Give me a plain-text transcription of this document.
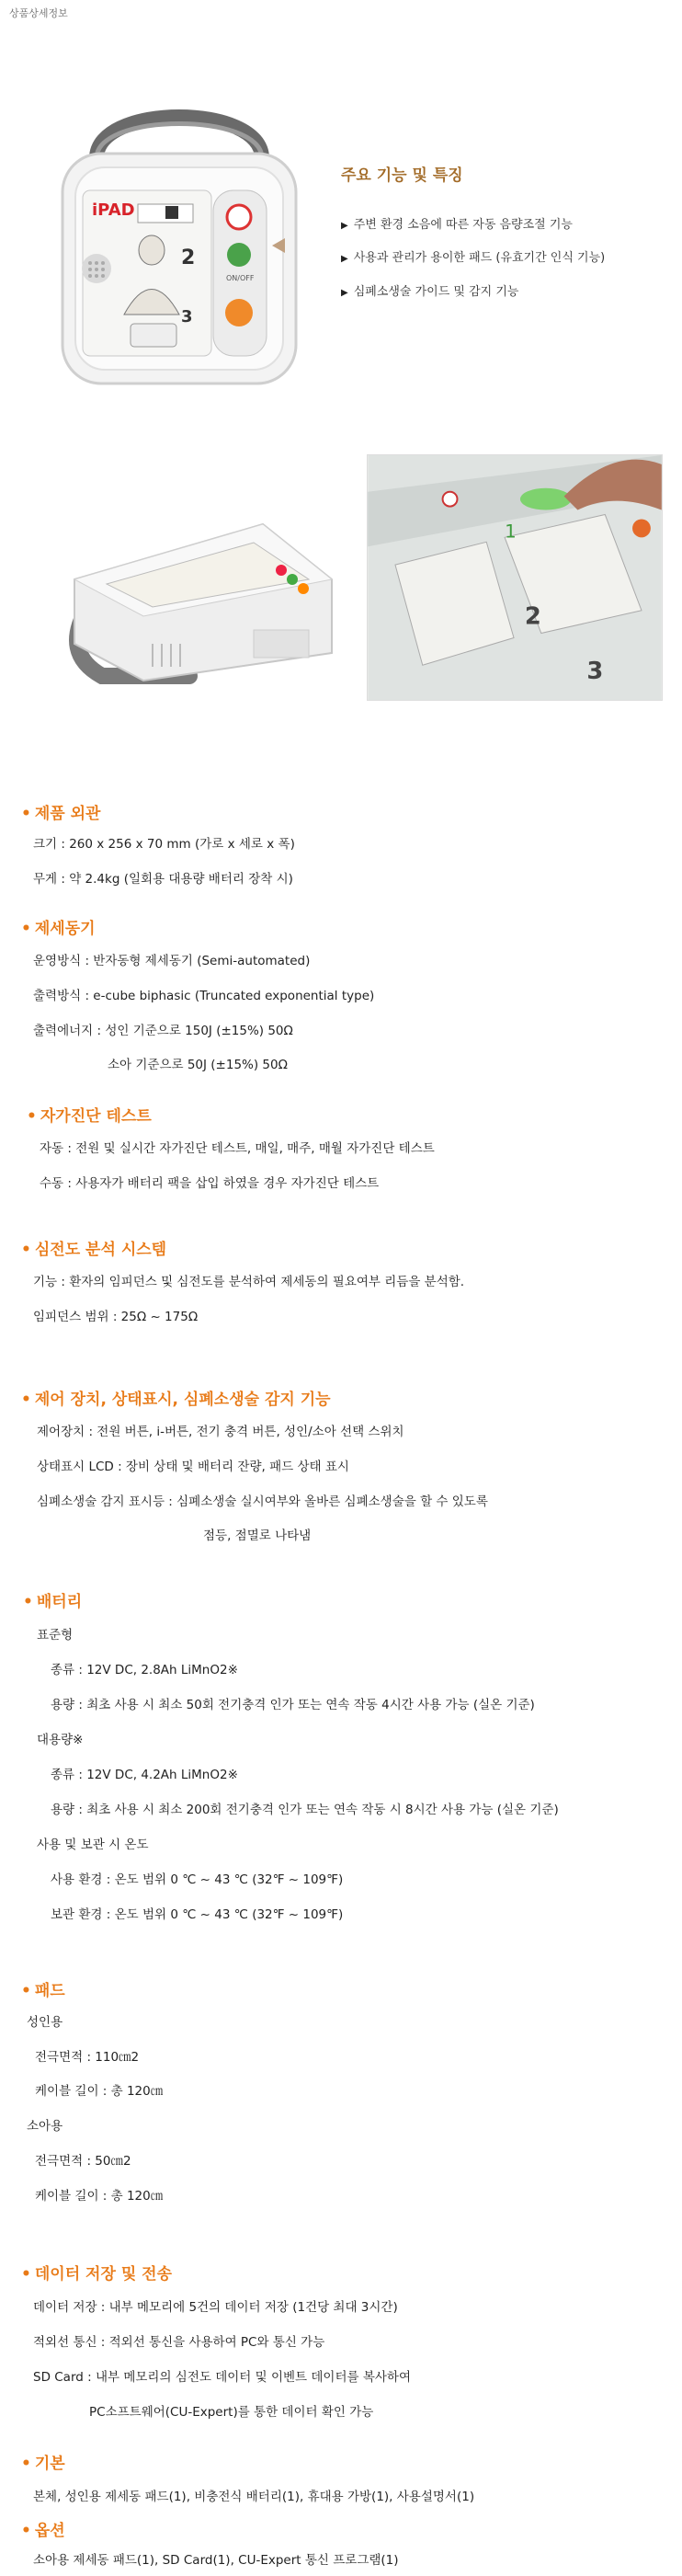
상품상세정보
iPAD
2
3
ON/OFF
주요 기능 및 특징
▶ 주변 환경 소음에 따른 자동 음량조절 기능
▶ 사용과 관리가 용이한 패드 (유효기간 인식 기능)
▶ 심폐소생술 가이드 및 감지 기능
1
2
3
• 제품 외관
크기 : 260 x 256 x 70 mm (가로 x 세로 x 폭)
무게 : 약 2.4kg (일회용 대용량 배터리 장착 시)
• 제세동기
운영방식 : 반자동형 제세동기 (Semi-automated)
출력방식 : e-cube biphasic (Truncated exponential type)
출력에너지 : 성인 기준으로 150J (±15%) 50Ω
소아 기준으로 50J (±15%) 50Ω
• 자가진단 테스트
자동 : 전원 및 실시간 자가진단 테스트, 매일, 매주, 매월 자가진단 테스트
수동 : 사용자가 배터리 팩을 삽입 하였을 경우 자가진단 테스트
• 심전도 분석 시스템
기능 : 환자의 임피던스 및 심전도를 분석하여 제세동의 필요여부 리듬을 분석함.
임피던스 범위 : 25Ω ~ 175Ω
• 제어 장치, 상태표시, 심폐소생술 감지 기능
제어장치 : 전원 버튼, i-버튼, 전기 충격 버튼, 성인/소아 선택 스위치
상태표시 LCD : 장비 상태 및 배터리 잔량, 패드 상태 표시
심폐소생술 감지 표시등 : 심폐소생술 실시여부와 올바른 심폐소생술을 할 수 있도록
점등, 점멸로 나타냄
• 배터리
표준형
종류 : 12V DC, 2.8Ah LiMnO2※
용량 : 최초 사용 시 최소 50회 전기충격 인가 또는 연속 작동 4시간 사용 가능 (실온 기준)
대용량※
종류 : 12V DC, 4.2Ah LiMnO2※
용량 : 최초 사용 시 최소 200회 전기충격 인가 또는 연속 작동 시 8시간 사용 가능 (실온 기준)
사용 및 보관 시 온도
사용 환경 : 온도 범위 0 ℃ ~ 43 ℃ (32℉ ~ 109℉)
보관 환경 : 온도 범위 0 ℃ ~ 43 ℃ (32℉ ~ 109℉)
• 패드
성인용
전극면적 : 110㎝2
케이블 길이 : 총 120㎝
소아용
전극면적 : 50㎝2
케이블 길이 : 총 120㎝
• 데이터 저장 및 전송
데이터 저장 : 내부 메모리에 5건의 데이터 저장 (1건당 최대 3시간)
적외선 통신 : 적외선 통신을 사용하여 PC와 통신 가능
SD Card : 내부 메모리의 심전도 데이터 및 이벤트 데이터를 복사하여
PC소프트웨어(CU-Expert)를 통한 데이터 확인 가능
• 기본
본체, 성인용 제세동 패드(1), 비충전식 배터리(1), 휴대용 가방(1), 사용설명서(1)
• 옵션
소아용 제세동 패드(1), SD Card(1), CU-Expert 통신 프로그램(1)
